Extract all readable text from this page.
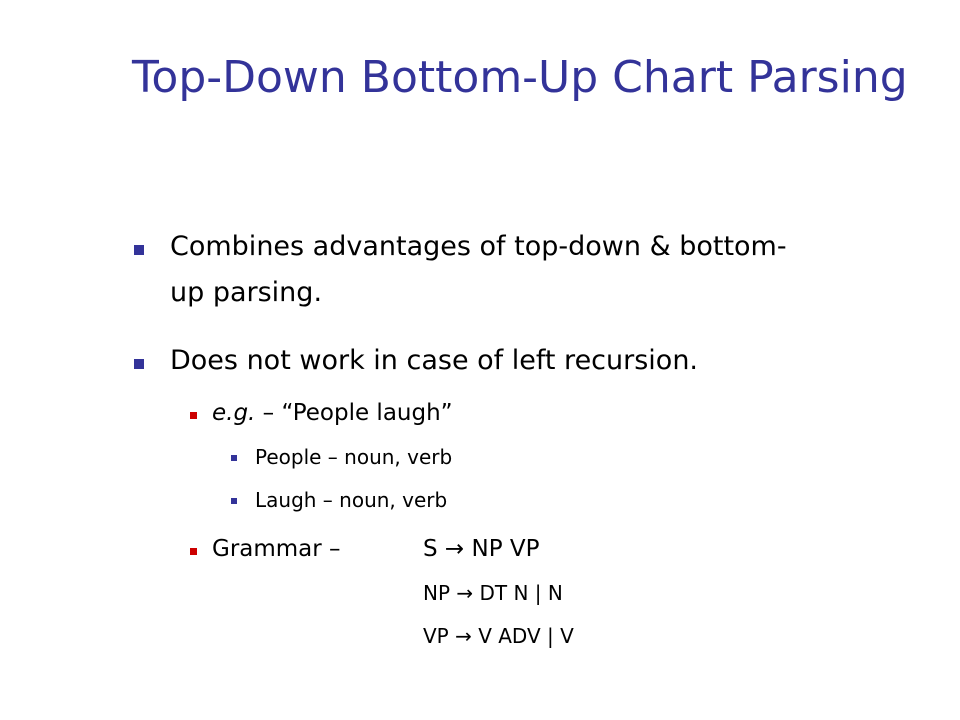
Top-Down Bottom-Up Chart Parsing
Combines advantages of top-down & bottom-
up parsing.
Does not work in case of left recursion.
e.g. – “People laugh”
People – noun, verb
Laugh – noun, verb
Grammar –	S → NP VP
NP → DT N | N
VP → V ADV | V
